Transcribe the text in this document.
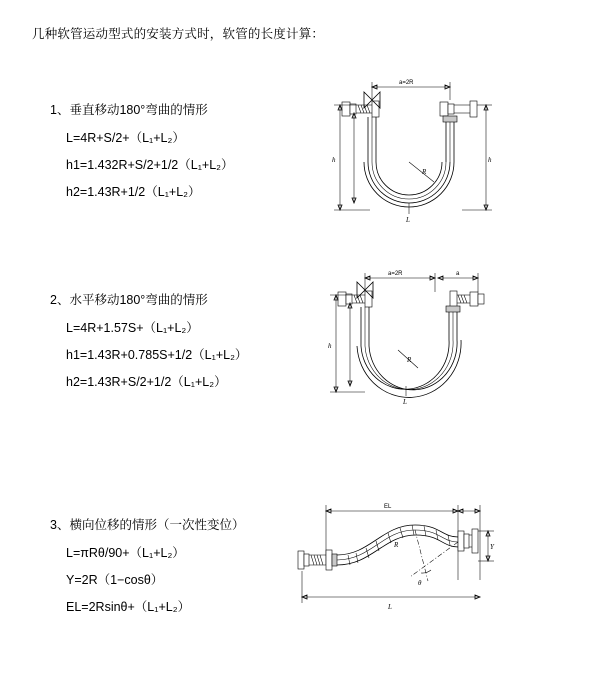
几种软管运动型式的安装方式时，软管的长度计算：
1、垂直移动180°弯曲的情形
L=4R+S/2+（L₁+L₂）
h1=1.432R+S/2+1/2（L₁+L₂）
h2=1.43R+1/2（L₁+L₂）
a=2R
R
h	h
L
2、水平移动180°弯曲的情形
L=4R+1.57S+（L₁+L₂）
h1=1.43R+0.785S+1/2（L₁+L₂）
h2=1.43R+S/2+1/2（L₁+L₂）
a=2R	a
R
h
L
3、横向位移的情形（一次性变位）
L=πRθ/90+（L₁+L₂）
Y=2R（1−cosθ）
EL=2Rsinθ+（L₁+L₂）
EL
θ
R	Y
L
